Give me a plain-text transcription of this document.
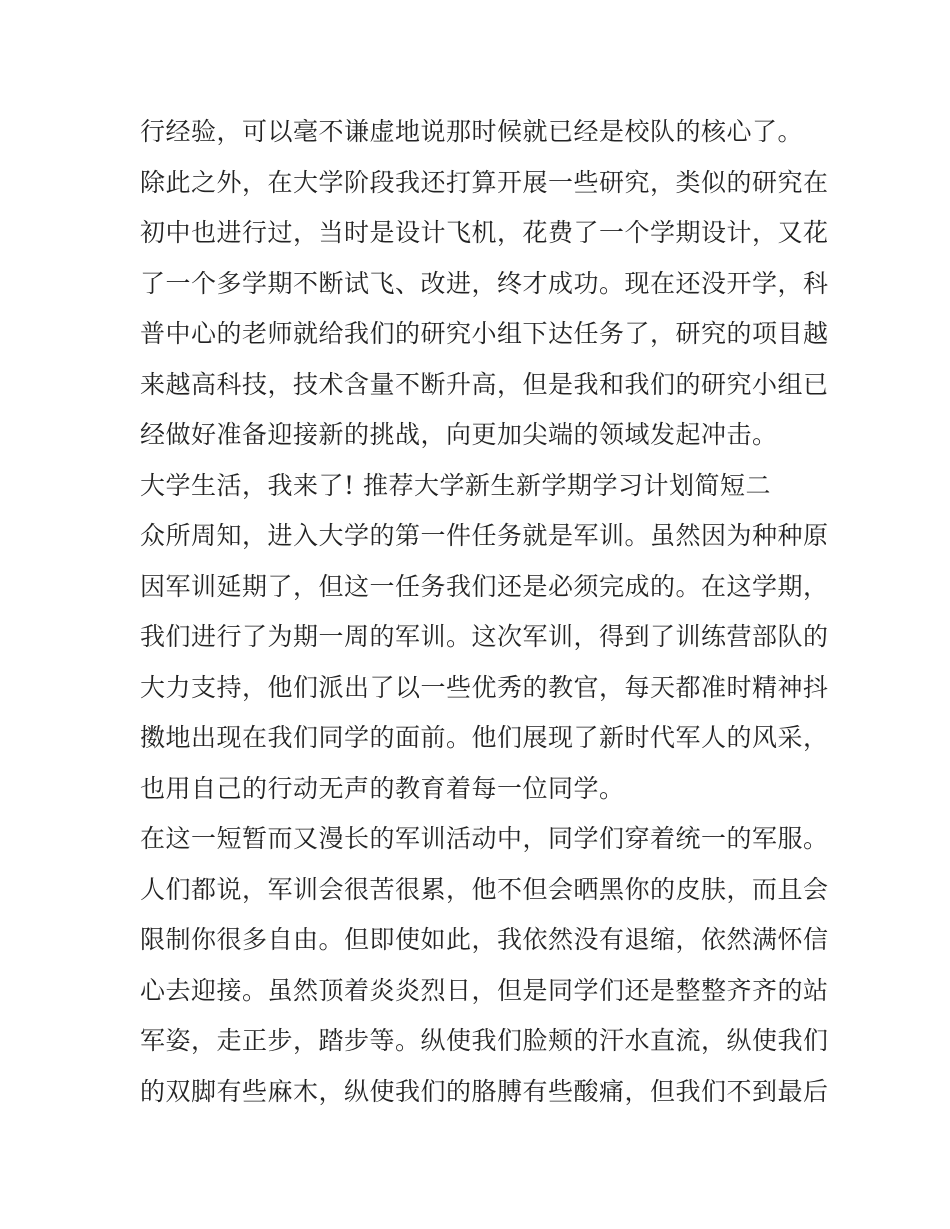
行经验，可以毫不谦虚地说那时候就已经是校队的核心了。
除此之外，在大学阶段我还打算开展一些研究，类似的研究在
初中也进行过，当时是设计飞机，花费了一个学期设计，又花
了一个多学期不断试飞、改进，终才成功。现在还没开学，科
普中心的老师就给我们的研究小组下达任务了，研究的项目越
来越高科技，技术含量不断升高，但是我和我们的研究小组已
经做好准备迎接新的挑战，向更加尖端的领域发起冲击。
大学生活，我来了! 推荐大学新生新学期学习计划简短二
众所周知，进入大学的第一件任务就是军训。虽然因为种种原
因军训延期了，但这一任务我们还是必须完成的。在这学期，
我们进行了为期一周的军训。这次军训，得到了训练营部队的
大力支持，他们派出了以一些优秀的教官，每天都准时精神抖
擞地出现在我们同学的面前。他们展现了新时代军人的风采，
也用自己的行动无声的教育着每一位同学。
在这一短暂而又漫长的军训活动中，同学们穿着统一的军服。
人们都说，军训会很苦很累，他不但会晒黑你的皮肤，而且会
限制你很多自由。但即使如此，我依然没有退缩，依然满怀信
心去迎接。虽然顶着炎炎烈日，但是同学们还是整整齐齐的站
军姿，走正步，踏步等。纵使我们脸颊的汗水直流，纵使我们
的双脚有些麻木，纵使我们的胳膊有些酸痛，但我们不到最后
